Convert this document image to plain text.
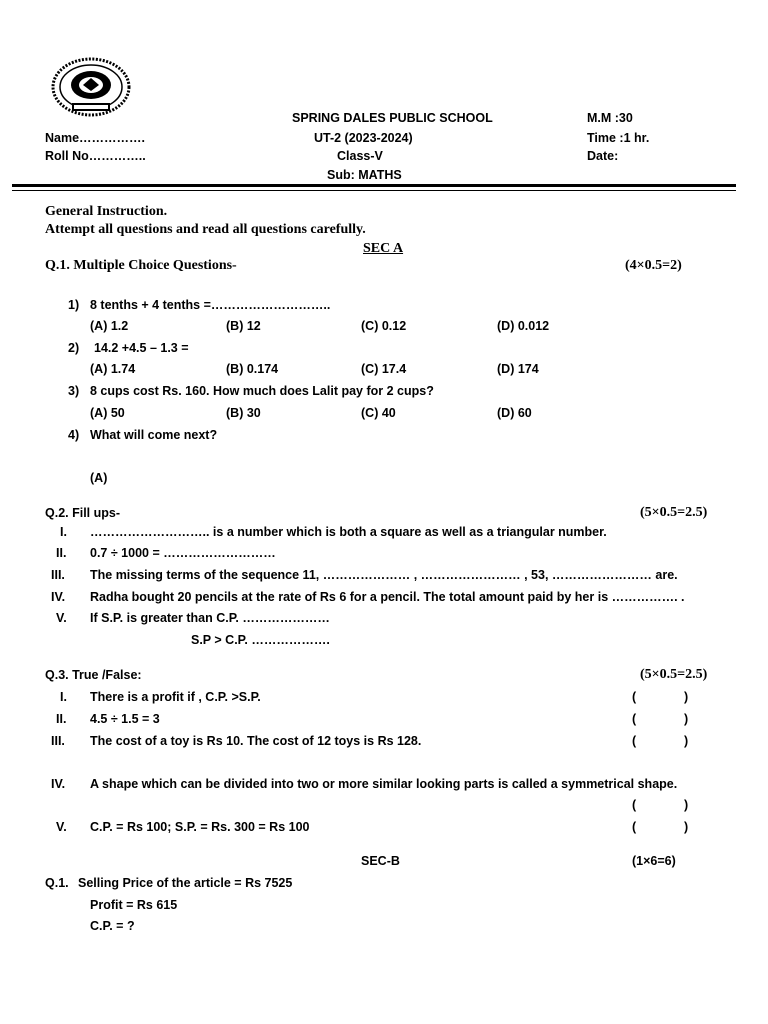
SPRING DALES PUBLIC SCHOOL
UT-2 (2023-2024)
Class-V
Sub: MATHS
M.M :30
Time :1 hr.
Date:
Name…………….
Roll No…………..
General Instruction.
Attempt all questions and read all questions carefully.
SEC A
Q.1. Multiple Choice Questions-	(4×0.5=2)
1) 8 tenths + 4 tenths =………………………..
(A) 1.2	(B) 12	(C) 0.12	(D) 0.012
2) 14.2 +4.5 – 1.3 =
(A) 1.74	(B) 0.174	(C) 17.4	(D) 174
3) 8 cups cost Rs. 160. How much does Lalit pay for 2 cups?
(A) 50	(B) 30	(C) 40	(D) 60
4) What will come next?
(A)
Q.2. Fill ups-	(5×0.5=2.5)
I. ……………………….. is a number which is both a square as well as a triangular number.
II. 0.7 ÷ 1000 = ………………………
III. The missing terms of the sequence 11, ………………… , …………………… , 53, …………………… are.
IV. Radha bought 20 pencils at the rate of Rs 6 for a pencil. The total amount paid by her is ……………. .
V. If S.P. is greater than C.P. …………………
S.P > C.P. ……………….
Q.3. True /False:	(5×0.5=2.5)
I. There is a profit if , C.P. >S.P.	(	)
II. 4.5 ÷ 1.5 = 3	(	)
III. The cost of a toy is Rs 10. The cost of 12 toys is Rs 128.	(	)
IV. A shape which can be divided into two or more similar looking parts is called a symmetrical shape.
(	)
V. C.P. = Rs 100; S.P. = Rs. 300 = Rs 100	(	)
SEC-B	(1×6=6)
Q.1. Selling Price of the article = Rs 7525
Profit = Rs 615
C.P. = ?
